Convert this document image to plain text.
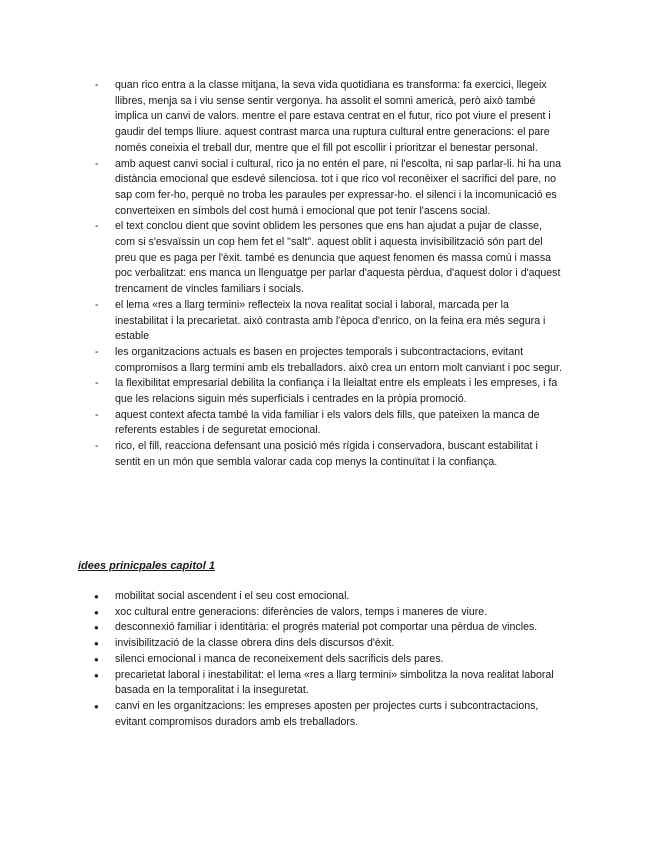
- quan rico entra a la classe mitjana, la seva vida quotidiana es transforma: fa exercici, llegeix llibres, menja sa i viu sense sentir vergonya. ha assolit el somni americà, però això també implica un canvi de valors. mentre el pare estava centrat en el futur, rico pot viure el present i gaudir del temps lliure. aquest contrast marca una ruptura cultural entre generacions: el pare només coneixia el treball dur, mentre que el fill pot escollir i prioritzar el benestar personal.
- amb aquest canvi social i cultural, rico ja no entén el pare, ni l'escolta, ni sap parlar-li. hi ha una distància emocional que esdevé silenciosa. tot i que rico vol reconèixer el sacrifici del pare, no sap com fer-ho, perquè no troba les paraules per expressar-ho. el silenci i la incomunicació es converteixen en símbols del cost humà i emocional que pot tenir l'ascens social.
- el text conclou dient que sovint oblidem les persones que ens han ajudat a pujar de classe, com si s'esvaïssin un cop hem fet el "salt". aquest oblit i aquesta invisibilització són part del preu que es paga per l'èxit. també es denuncia que aquest fenomen és massa comú i massa poc verbalitzat: ens manca un llenguatge per parlar d'aquesta pèrdua, d'aquest dolor i d'aquest trencament de vincles familiars i socials.
- el lema «res a llarg termini» reflecteix la nova realitat social i laboral, marcada per la inestabilitat i la precarietat. això contrasta amb l'època d'enrico, on la feina era més segura i estable
- les organitzacions actuals es basen en projectes temporals i subcontractacions, evitant compromisos a llarg termini amb els treballadors. això crea un entorn molt canviant i poc segur.
- la flexibilitat empresarial debilita la confiança i la lleialtat entre els empleats i les empreses, i fa que les relacions siguin més superficials i centrades en la pròpia promoció.
- aquest context afecta també la vida familiar i els valors dels fills, que pateixen la manca de referents estables i de seguretat emocional.
- rico, el fill, reacciona defensant una posició més rígida i conservadora, buscant estabilitat i sentit en un món que sembla valorar cada cop menys la continuïtat i la confiança.

idees prinicpales capitol 1

● mobilitat social ascendent i el seu cost emocional.
● xoc cultural entre generacions: diferències de valors, temps i maneres de viure.
● desconnexió familiar i identitària: el progrés material pot comportar una pèrdua de vincles.
● invisibilització de la classe obrera dins dels discursos d'èxit.
● silenci emocional i manca de reconeixement dels sacrificis dels pares.
● precarietat laboral i inestabilitat: el lema «res a llarg termini» simbolitza la nova realitat laboral basada en la temporalitat i la inseguretat.
● canvi en les organitzacions: les empreses aposten per projectes curts i subcontractacions, evitant compromisos duradors amb els treballadors.
